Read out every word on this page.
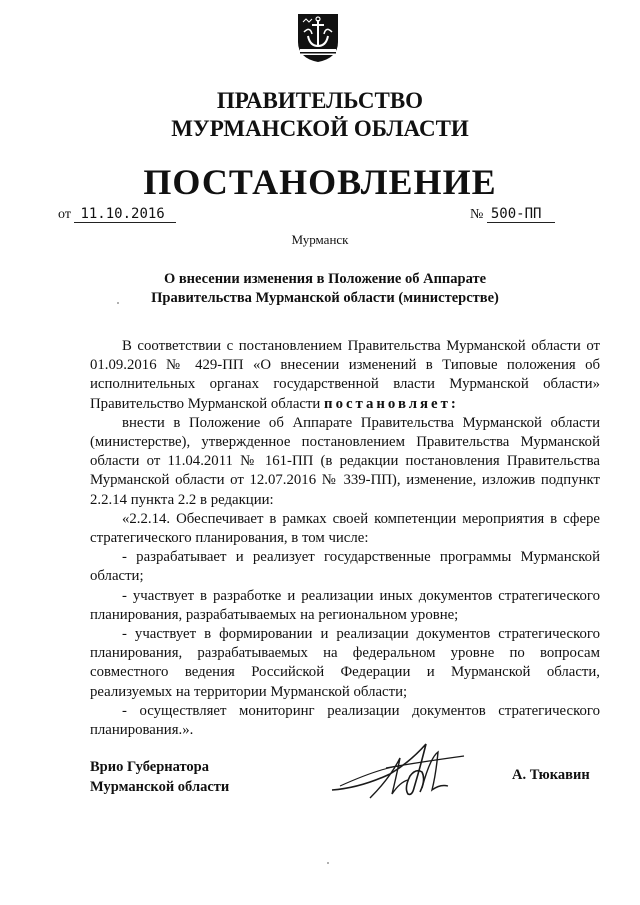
ПРАВИТЕЛЬСТВО
МУРМАНСКОЙ ОБЛАСТИ
ПОСТАНОВЛЕНИЕ
от 11.10.2016	№ 500-ПП
Мурманск
О внесении изменения в Положение об Аппарате
Правительства Мурманской области (министерстве)

В соответствии с постановлением Правительства Мурманской области от 01.09.2016 № 429-ПП «О внесении изменений в Типовые положения об исполнительных органах государственной власти Мурманской области» Правительство Мурманской области постановляет:

внести в Положение об Аппарате Правительства Мурманской области (министерстве), утвержденное постановлением Правительства Мурманской области от 11.04.2011 № 161-ПП (в редакции постановления Правительства Мурманской области от 12.07.2016 № 339-ПП), изменение, изложив подпункт 2.2.14 пункта 2.2 в редакции:

«2.2.14. Обеспечивает в рамках своей компетенции мероприятия в сфере стратегического планирования, в том числе:

- разрабатывает и реализует государственные программы Мурманской области;

- участвует в разработке и реализации иных документов стратегического планирования, разрабатываемых на региональном уровне;

- участвует в формировании и реализации документов стратегического планирования, разрабатываемых на федеральном уровне по вопросам совместного ведения Российской Федерации и Мурманской области, реализуемых на территории Мурманской области;

- осуществляет мониторинг реализации документов стратегического планирования.».

Врио Губернатора
Мурманской области
А. Тюкавин
